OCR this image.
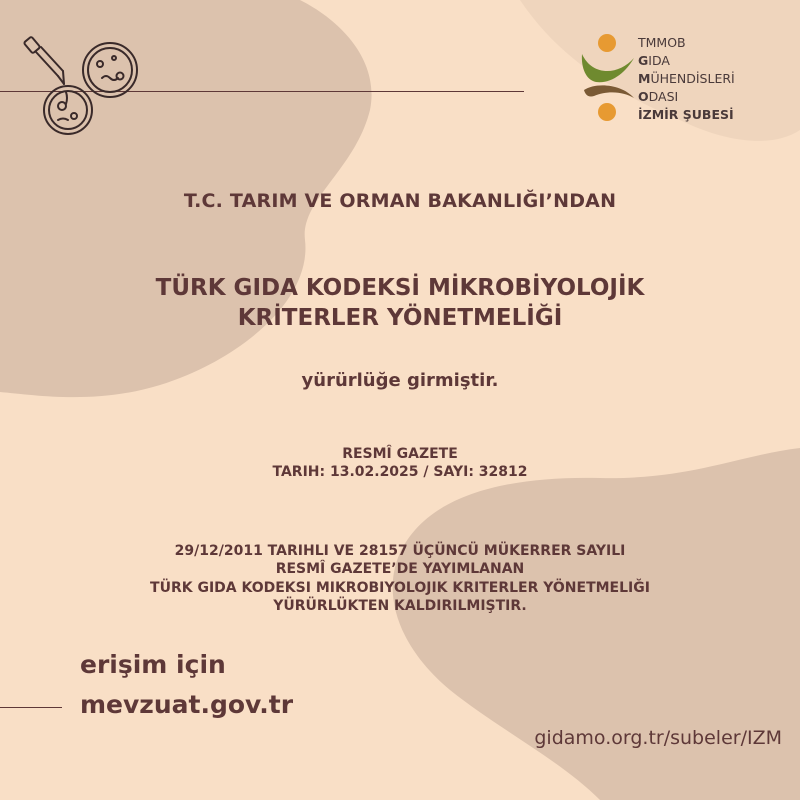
TMMOB

GIDA

MÜHENDİSLERİ

ODASI

İZMİR ŞUBESİ

T.C. TARIM VE ORMAN BAKANLIĞI’NDAN

TÜRK GIDA KODEKSİ MİKROBİYOLOJİK

KRİTERLER YÖNETMELİĞİ

yürürlüğe girmiştir.

RESMÎ GAZETE

TARIH: 13.02.2025 / SAYI: 32812

29/12/2011 TARIHLI VE 28157 ÜÇÜNCÜ MÜKERRER SAYILI

RESMÎ GAZETE’DE YAYIMLANAN

TÜRK GIDA KODEKSI MIKROBIYOLOJIK KRITERLER YÖNETMELIĞI

YÜRÜRLÜKTEN KALDIRILMIŞTIR.

erişim için

mevzuat.gov.tr

gidamo.org.tr/subeler/IZM
